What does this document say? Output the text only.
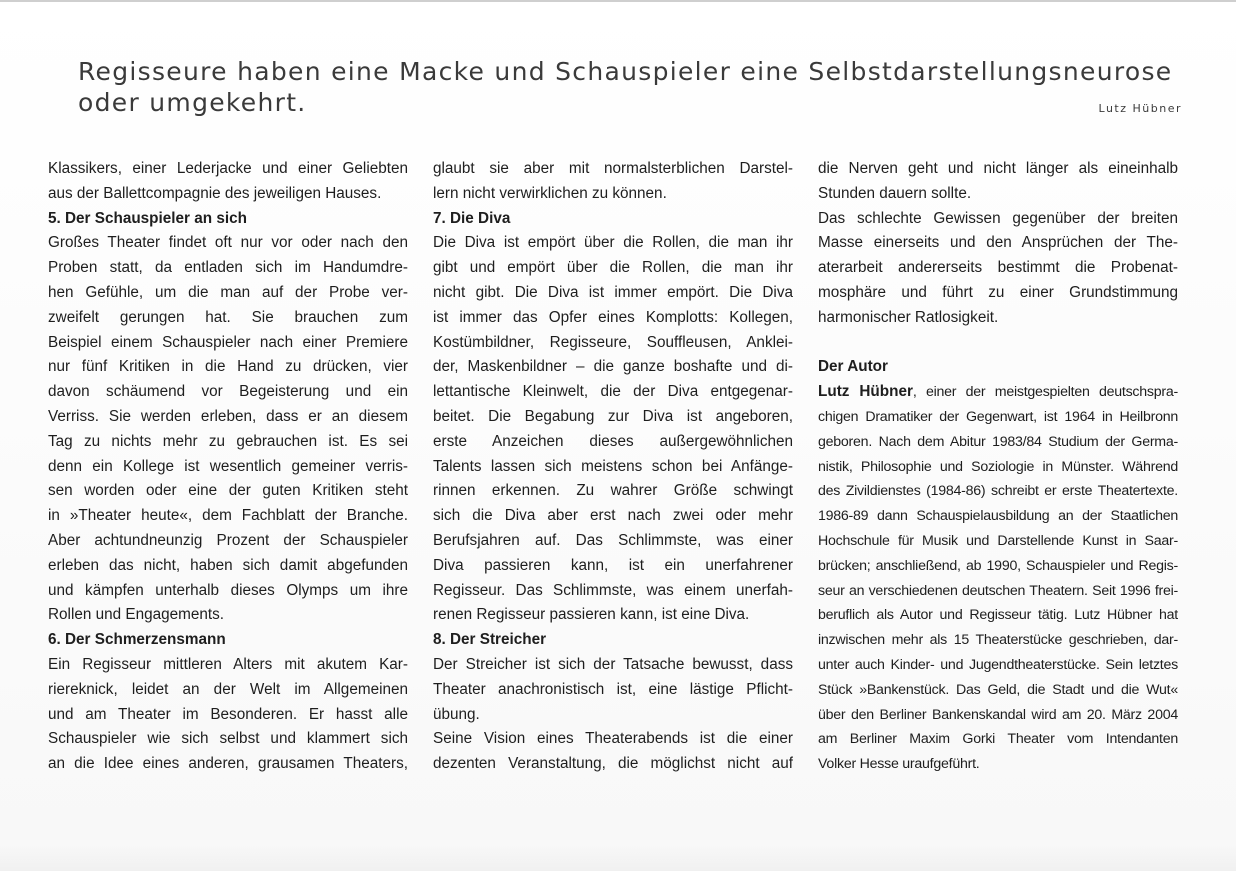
Regisseure haben eine Macke und Schauspieler eine Selbstdarstellungsneurose
oder umgekehrt.	Lutz Hübner
Klassikers, einer Lederjacke und einer Geliebten
aus der Ballettcompagnie des jeweiligen Hauses.
5. Der Schauspieler an sich
Großes Theater findet oft nur vor oder nach den
Proben statt, da entladen sich im Handumdre-
hen Gefühle, um die man auf der Probe ver-
zweifelt gerungen hat. Sie brauchen zum
Beispiel einem Schauspieler nach einer Premiere
nur fünf Kritiken in die Hand zu drücken, vier
davon schäumend vor Begeisterung und ein
Verriss. Sie werden erleben, dass er an diesem
Tag zu nichts mehr zu gebrauchen ist. Es sei
denn ein Kollege ist wesentlich gemeiner verris-
sen worden oder eine der guten Kritiken steht
in »Theater heute«, dem Fachblatt der Branche.
Aber achtundneunzig Prozent der Schauspieler
erleben das nicht, haben sich damit abgefunden
und kämpfen unterhalb dieses Olymps um ihre
Rollen und Engagements.
6. Der Schmerzensmann
Ein Regisseur mittleren Alters mit akutem Kar-
riereknick, leidet an der Welt im Allgemeinen
und am Theater im Besonderen. Er hasst alle
Schauspieler wie sich selbst und klammert sich
an die Idee eines anderen, grausamen Theaters,
glaubt sie aber mit normalsterblichen Darstel-
lern nicht verwirklichen zu können.
7. Die Diva
Die Diva ist empört über die Rollen, die man ihr
gibt und empört über die Rollen, die man ihr
nicht gibt. Die Diva ist immer empört. Die Diva
ist immer das Opfer eines Komplotts: Kollegen,
Kostümbildner, Regisseure, Souffleusen, Anklei-
der, Maskenbildner – die ganze boshafte und di-
lettantische Kleinwelt, die der Diva entgegenar-
beitet. Die Begabung zur Diva ist angeboren,
erste Anzeichen dieses außergewöhnlichen
Talents lassen sich meistens schon bei Anfänge-
rinnen erkennen. Zu wahrer Größe schwingt
sich die Diva aber erst nach zwei oder mehr
Berufsjahren auf. Das Schlimmste, was einer
Diva passieren kann, ist ein unerfahrener
Regisseur. Das Schlimmste, was einem unerfah-
renen Regisseur passieren kann, ist eine Diva.
8. Der Streicher
Der Streicher ist sich der Tatsache bewusst, dass
Theater anachronistisch ist, eine lästige Pflicht-
übung.
Seine Vision eines Theaterabends ist die einer
dezenten Veranstaltung, die möglichst nicht auf
die Nerven geht und nicht länger als eineinhalb
Stunden dauern sollte.
Das schlechte Gewissen gegenüber der breiten
Masse einerseits und den Ansprüchen der The-
aterarbeit andererseits bestimmt die Probenat-
mosphäre und führt zu einer Grundstimmung
harmonischer Ratlosigkeit.
Der Autor
Lutz Hübner, einer der meistgespielten deutschspra-
chigen Dramatiker der Gegenwart, ist 1964 in Heilbronn
geboren. Nach dem Abitur 1983/84 Studium der Germa-
nistik, Philosophie und Soziologie in Münster. Während
des Zivildienstes (1984-86) schreibt er erste Theatertexte.
1986-89 dann Schauspielausbildung an der Staatlichen
Hochschule für Musik und Darstellende Kunst in Saar-
brücken; anschließend, ab 1990, Schauspieler und Regis-
seur an verschiedenen deutschen Theatern. Seit 1996 frei-
beruflich als Autor und Regisseur tätig. Lutz Hübner hat
inzwischen mehr als 15 Theaterstücke geschrieben, dar-
unter auch Kinder- und Jugendtheaterstücke. Sein letztes
Stück »Bankenstück. Das Geld, die Stadt und die Wut«
über den Berliner Bankenskandal wird am 20. März 2004
am Berliner Maxim Gorki Theater vom Intendanten
Volker Hesse uraufgeführt.
